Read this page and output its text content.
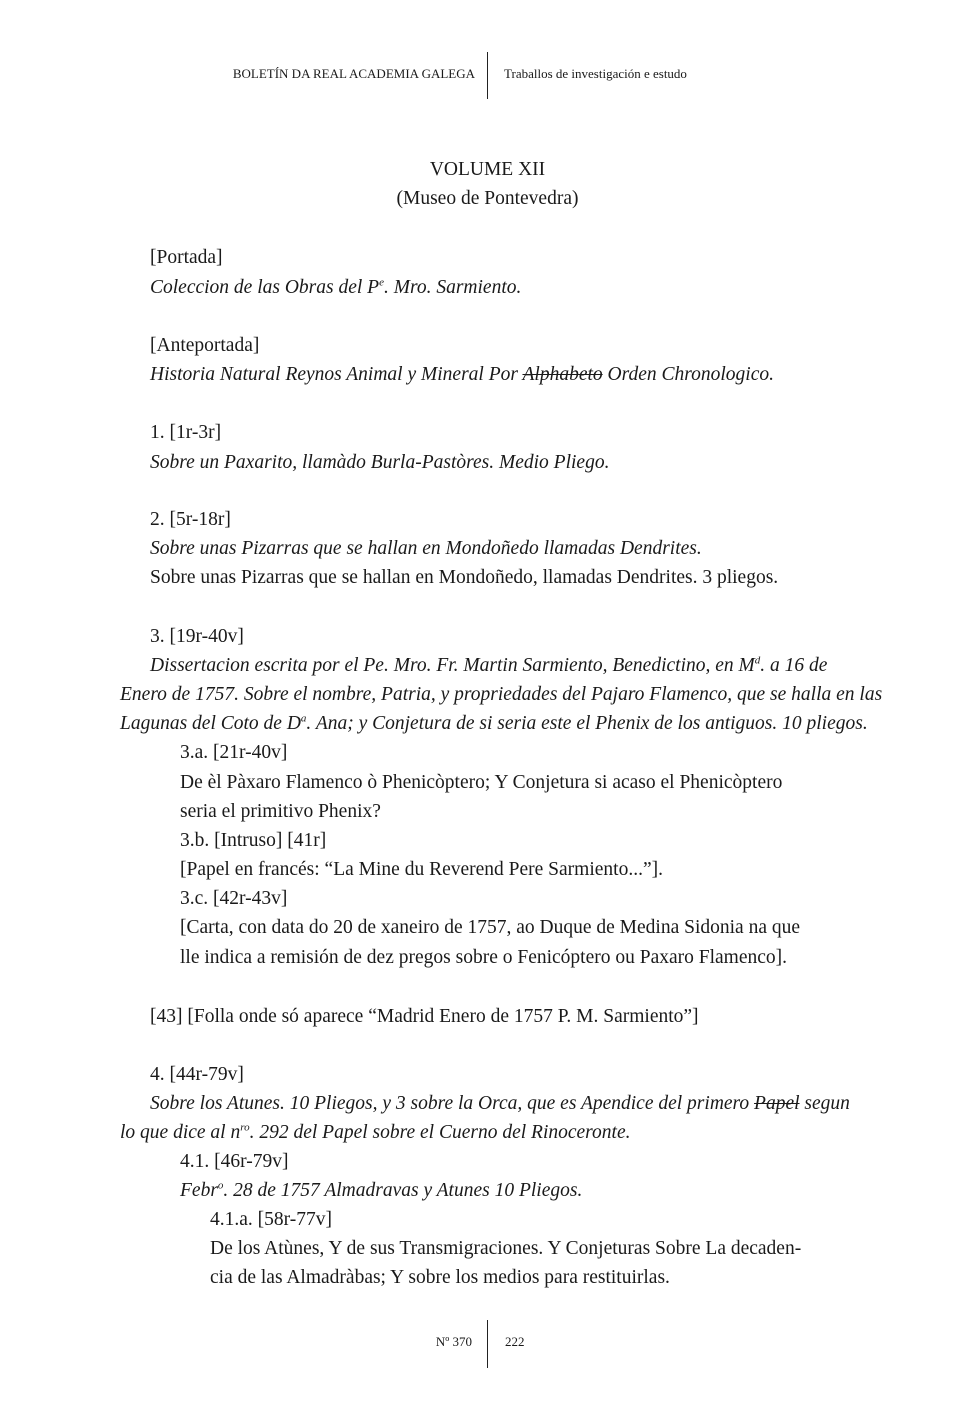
BOLETÍN DA REAL ACADEMIA GALEGA Traballos de investigación e estudo
VOLUME XII
(Museo de Pontevedra)
[Portada]
Coleccion de las Obras del $P^e$. Mro. Sarmiento.
[Anteportada]
Historia Natural Reynos Animal y Mineral Por Alphabeto Orden Chronologico.
1. [1r-3r]
Sobre un Paxarito, llamàdo Burla-Pastòres. Medio Pliego.
2. [5r-18r]
Sobre unas Pizarras que se hallan en Mondoñedo llamadas Dendrites.
Sobre unas Pizarras que se hallan en Mondoñedo, llamadas Dendrites. 3 pliegos.
3. [19r-40v]
Dissertacion escrita por el Pe. Mro. Fr. Martin Sarmiento, Benedictino, en $M^d$. a 16 de
Enero de 1757. Sobre el nombre, Patria, y propriedades del Pajaro Flamenco, que se halla en las
Lagunas del Coto de $D^a$. Ana; y Conjetura de si seria este el Phenix de los antiguos. 10 pliegos.
3.a. [21r-40v]
De èl Pàxaro Flamenco ò Phenicòptero; Y Conjetura si acaso el Phenicòptero
seria el primitivo Phenix?
3.b. [Intruso] [41r]
[Papel en francés: “La Mine du Reverend Pere Sarmiento...”].
3.c. [42r-43v]
[Carta, con data do 20 de xaneiro de 1757, ao Duque de Medina Sidonia na que
lle indica a remisión de dez pregos sobre o Fenicóptero ou Paxaro Flamenco].
[43] [Folla onde só aparece “Madrid Enero de 1757 P. M. Sarmiento”]
4. [44r-79v]
Sobre los Atunes. 10 Pliegos, y 3 sobre la Orca, que es Apendice del primero Papel segun
lo que dice al $n^{ro}$. 292 del Papel sobre el Cuerno del Rinoceronte.
4.1. [46r-79v]
Febr$^o$. 28 de 1757 Almadravas y Atunes 10 Pliegos.
4.1.a. [58r-77v]
De los Atùnes, Y de sus Transmigraciones. Y Conjeturas Sobre La decaden-
cia de las Almadràbas; Y sobre los medios para restituirlas.
Nº 370	222
